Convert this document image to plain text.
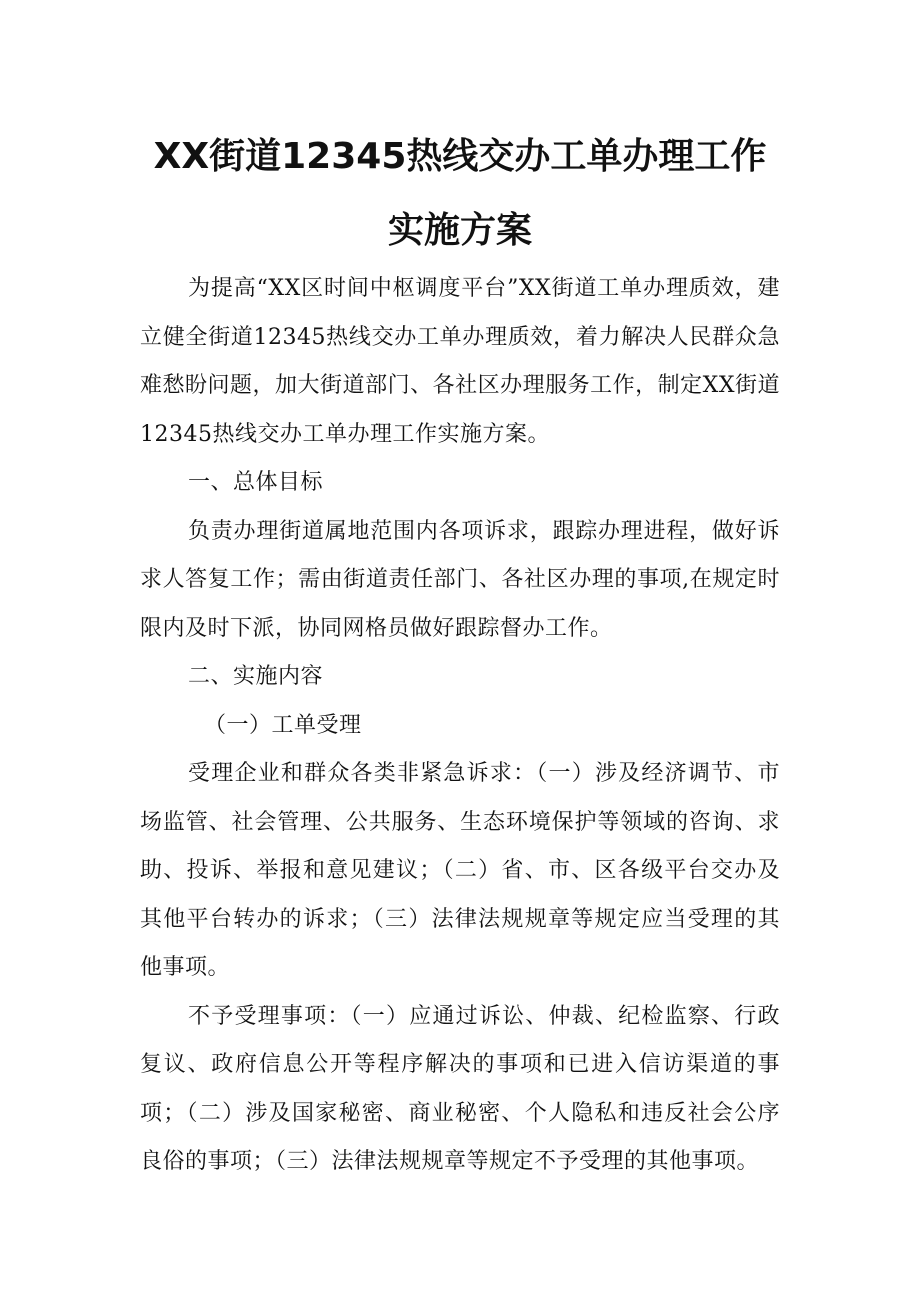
XX街道12345热线交办工单办理工作
实施方案

为提高“XX区时间中枢调度平台”XX街道工单办理质效，建立健全街道12345热线交办工单办理质效，着力解决人民群众急难愁盼问题，加大街道部门、各社区办理服务工作，制定XX街道12345热线交办工单办理工作实施方案。

一、总体目标

负责办理街道属地范围内各项诉求，跟踪办理进程，做好诉求人答复工作；需由街道责任部门、各社区办理的事项,在规定时限内及时下派，协同网格员做好跟踪督办工作。

二、实施内容

（一）工单受理

受理企业和群众各类非紧急诉求：（一）涉及经济调节、市场监管、社会管理、公共服务、生态环境保护等领域的咨询、求助、投诉、举报和意见建议；（二）省、市、区各级平台交办及其他平台转办的诉求；（三）法律法规规章等规定应当受理的其他事项。

不予受理事项：（一）应通过诉讼、仲裁、纪检监察、行政复议、政府信息公开等程序解决的事项和已进入信访渠道的事项；（二）涉及国家秘密、商业秘密、个人隐私和违反社会公序良俗的事项；（三）法律法规规章等规定不予受理的其他事项。
